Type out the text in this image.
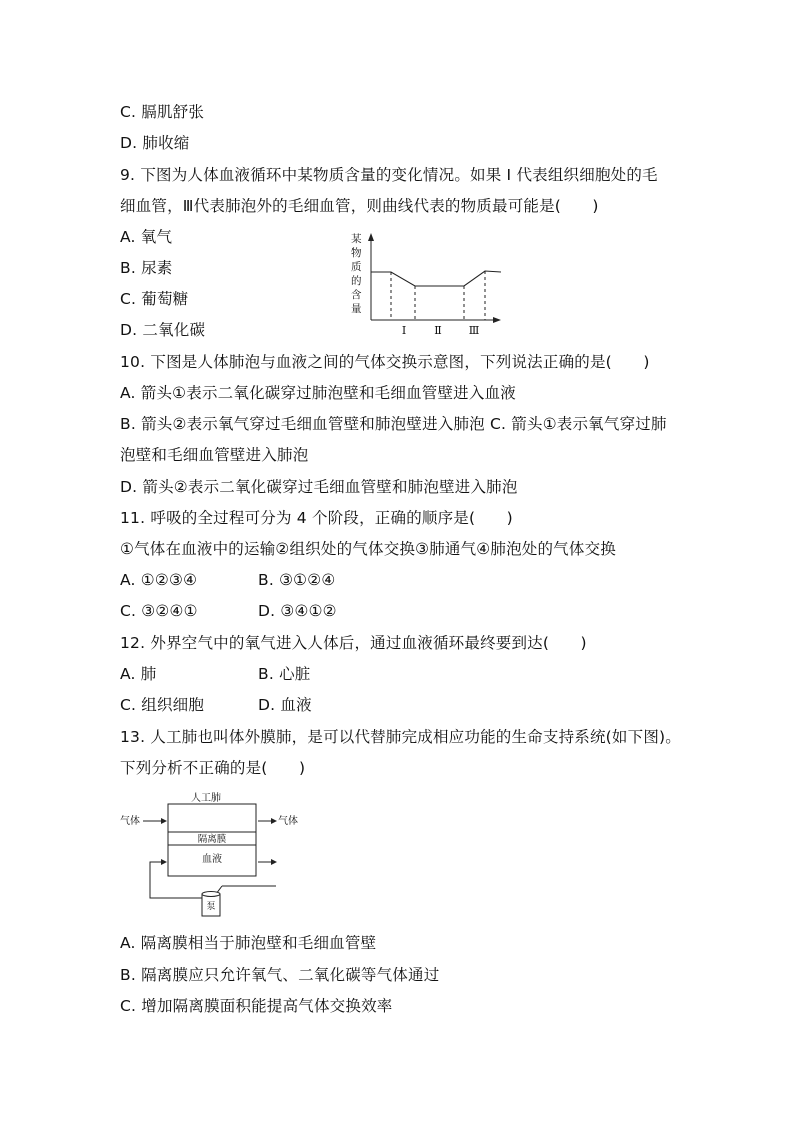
C. 膈肌舒张
D. 肺收缩
9. 下图为人体血液循环中某物质含量的变化情况。如果 I 代表组织细胞处的毛
细血管，Ⅲ代表肺泡外的毛细血管，则曲线代表的物质最可能是(　　)
A. 氧气
B. 尿素
C. 葡萄糖
D. 二氧化碳
10. 下图是人体肺泡与血液之间的气体交换示意图，下列说法正确的是(　　)
A. 箭头①表示二氧化碳穿过肺泡壁和毛细血管壁进入血液
B. 箭头②表示氧气穿过毛细血管壁和肺泡壁进入肺泡 C. 箭头①表示氧气穿过肺
泡壁和毛细血管壁进入肺泡
D. 箭头②表示二氧化碳穿过毛细血管壁和肺泡壁进入肺泡
11. 呼吸的全过程可分为 4 个阶段，正确的顺序是(　　)
①气体在血液中的运输②组织处的气体交换③肺通气④肺泡处的气体交换
A. ①②③④	B. ③①②④
C. ③②④①	D. ③④①②
12. 外界空气中的氧气进入人体后，通过血液循环最终要到达(　　)
A. 肺	B. 心脏
C. 组织细胞	D. 血液
13. 人工肺也叫体外膜肺，是可以代替肺完成相应功能的生命支持系统(如下图)。
下列分析不正确的是(　　)
A. 隔离膜相当于肺泡壁和毛细血管壁
B. 隔离膜应只允许氧气、二氧化碳等气体通过
C. 增加隔离膜面积能提高气体交换效率
某
物
质
的
含
量
Ⅰ	Ⅱ Ⅲ
人工肺
隔离膜
血液
气体	气体
泵
